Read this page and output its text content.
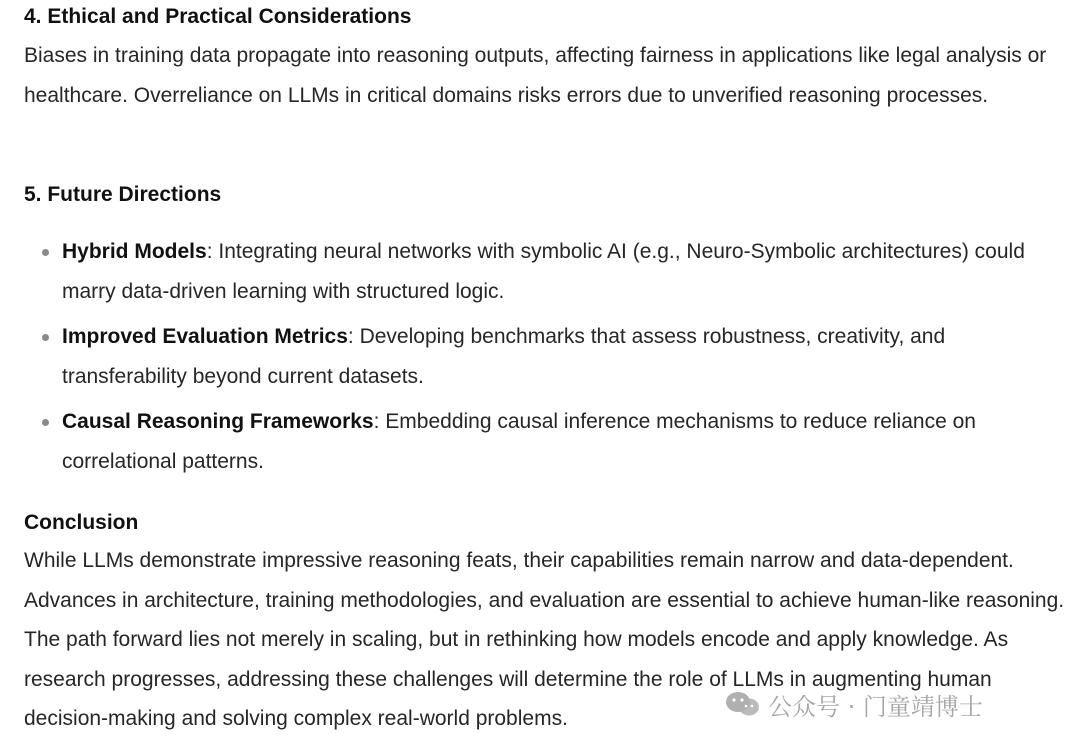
4. Ethical and Practical Considerations

Biases in training data propagate into reasoning outputs, affecting fairness in applications like legal analysis or healthcare. Overreliance on LLMs in critical domains risks errors due to unverified reasoning processes.

5. Future Directions
Hybrid Models: Integrating neural networks with symbolic AI (e.g., Neuro-Symbolic architectures) could marry data-driven learning with structured logic.
Improved Evaluation Metrics: Developing benchmarks that assess robustness, creativity, and transferability beyond current datasets.
Causal Reasoning Frameworks: Embedding causal inference mechanisms to reduce reliance on correlational patterns.
Conclusion

While LLMs demonstrate impressive reasoning feats, their capabilities remain narrow and data-dependent. Advances in architecture, training methodologies, and evaluation are essential to achieve human-like reasoning. The path forward lies not merely in scaling, but in rethinking how models encode and apply knowledge. As research progresses, addressing these challenges will determine the role of LLMs in augmenting human decision-making and solving complex real-world problems.	公众号 · 门童靖博士
